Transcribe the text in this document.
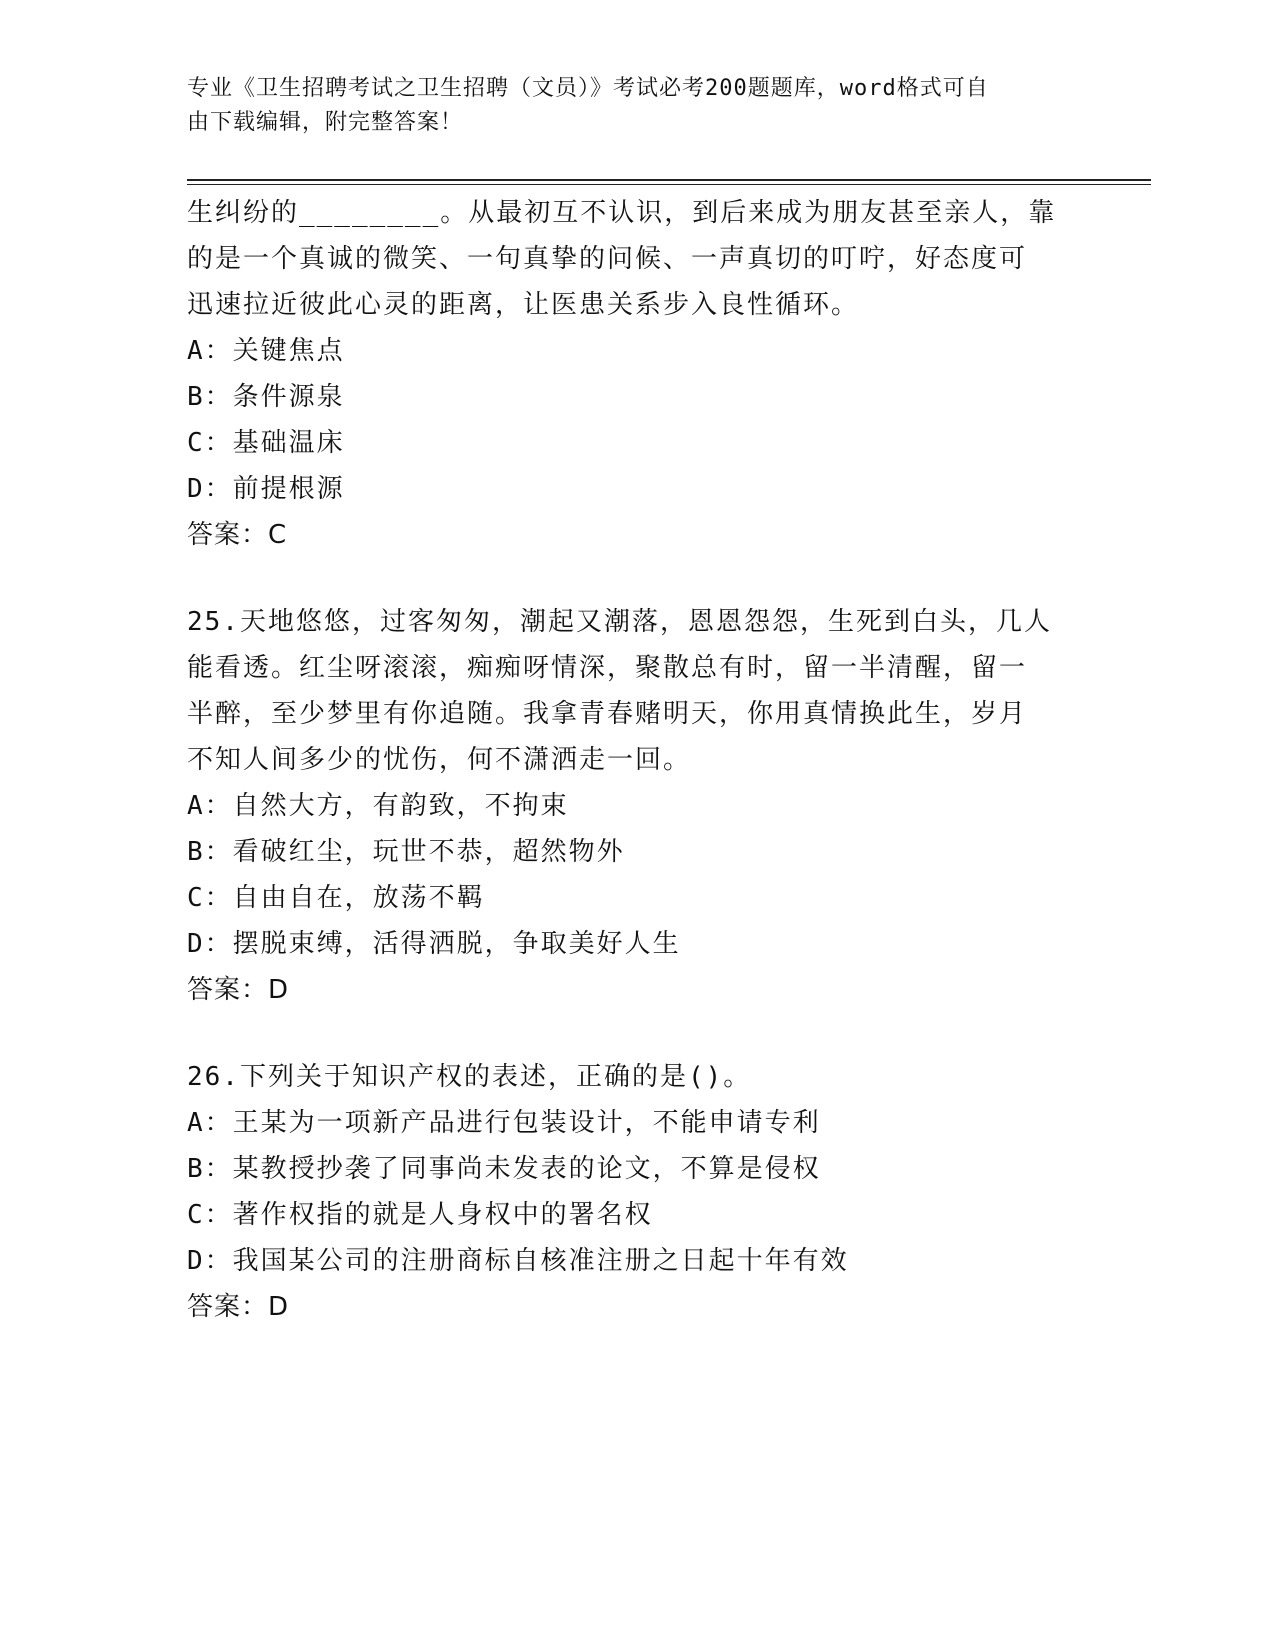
专业《卫生招聘考试之卫生招聘（文员）》考试必考200题题库，word格式可自
由下载编辑，附完整答案！
生纠纷的________。从最初互不认识，到后来成为朋友甚至亲人，靠
的是一个真诚的微笑、一句真挚的问候、一声真切的叮咛，好态度可
迅速拉近彼此心灵的距离，让医患关系步入良性循环。
A：关键焦点
B：条件源泉
C：基础温床
D：前提根源
答案：C
25.天地悠悠，过客匆匆，潮起又潮落，恩恩怨怨，生死到白头，几人
能看透。红尘呀滚滚，痴痴呀情深，聚散总有时，留一半清醒，留一
半醉，至少梦里有你追随。我拿青春赌明天，你用真情换此生，岁月
不知人间多少的忧伤，何不潇洒走一回。
A：自然大方，有韵致，不拘束
B：看破红尘，玩世不恭，超然物外
C：自由自在，放荡不羁
D：摆脱束缚，活得洒脱，争取美好人生
答案：D
26.下列关于知识产权的表述，正确的是()。
A：王某为一项新产品进行包装设计，不能申请专利
B：某教授抄袭了同事尚未发表的论文，不算是侵权
C：著作权指的就是人身权中的署名权
D：我国某公司的注册商标自核准注册之日起十年有效
答案：D
